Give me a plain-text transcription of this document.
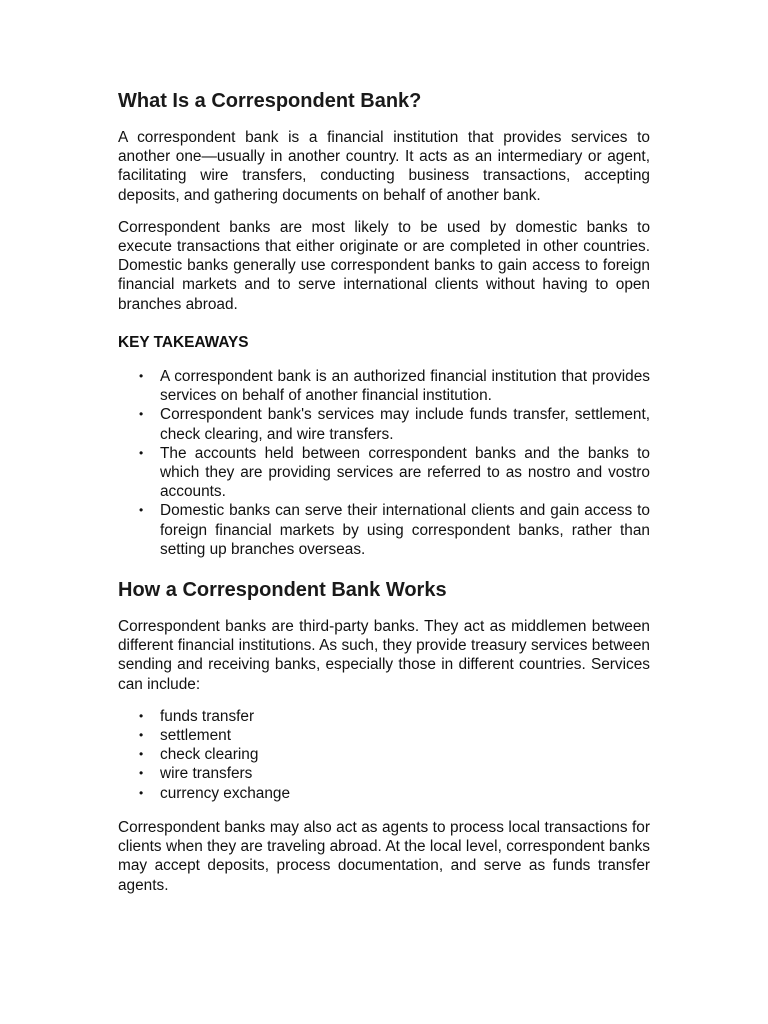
What Is a Correspondent Bank?

A correspondent bank is a financial institution that provides services to another one—usually in another country. It acts as an intermediary or agent, facilitating wire transfers, conducting business transactions, accepting deposits, and gathering documents on behalf of another bank.

Correspondent banks are most likely to be used by domestic banks to execute transactions that either originate or are completed in other countries. Domestic banks generally use correspondent banks to gain access to foreign financial markets and to serve international clients without having to open branches abroad.

KEY TAKEAWAYS
• A correspondent bank is an authorized financial institution that provides services on behalf of another financial institution.
• Correspondent bank's services may include funds transfer, settlement, check clearing, and wire transfers.
• The accounts held between correspondent banks and the banks to which they are providing services are referred to as nostro and vostro accounts.
• Domestic banks can serve their international clients and gain access to foreign financial markets by using correspondent banks, rather than setting up branches overseas.
How a Correspondent Bank Works

Correspondent banks are third-party banks. They act as middlemen between different financial institutions. As such, they provide treasury services between sending and receiving banks, especially those in different countries. Services can include:

• funds transfer
• settlement
• check clearing
• wire transfers
• currency exchange

Correspondent banks may also act as agents to process local transactions for clients when they are traveling abroad. At the local level, correspondent banks may accept deposits, process documentation, and serve as funds transfer agents.
